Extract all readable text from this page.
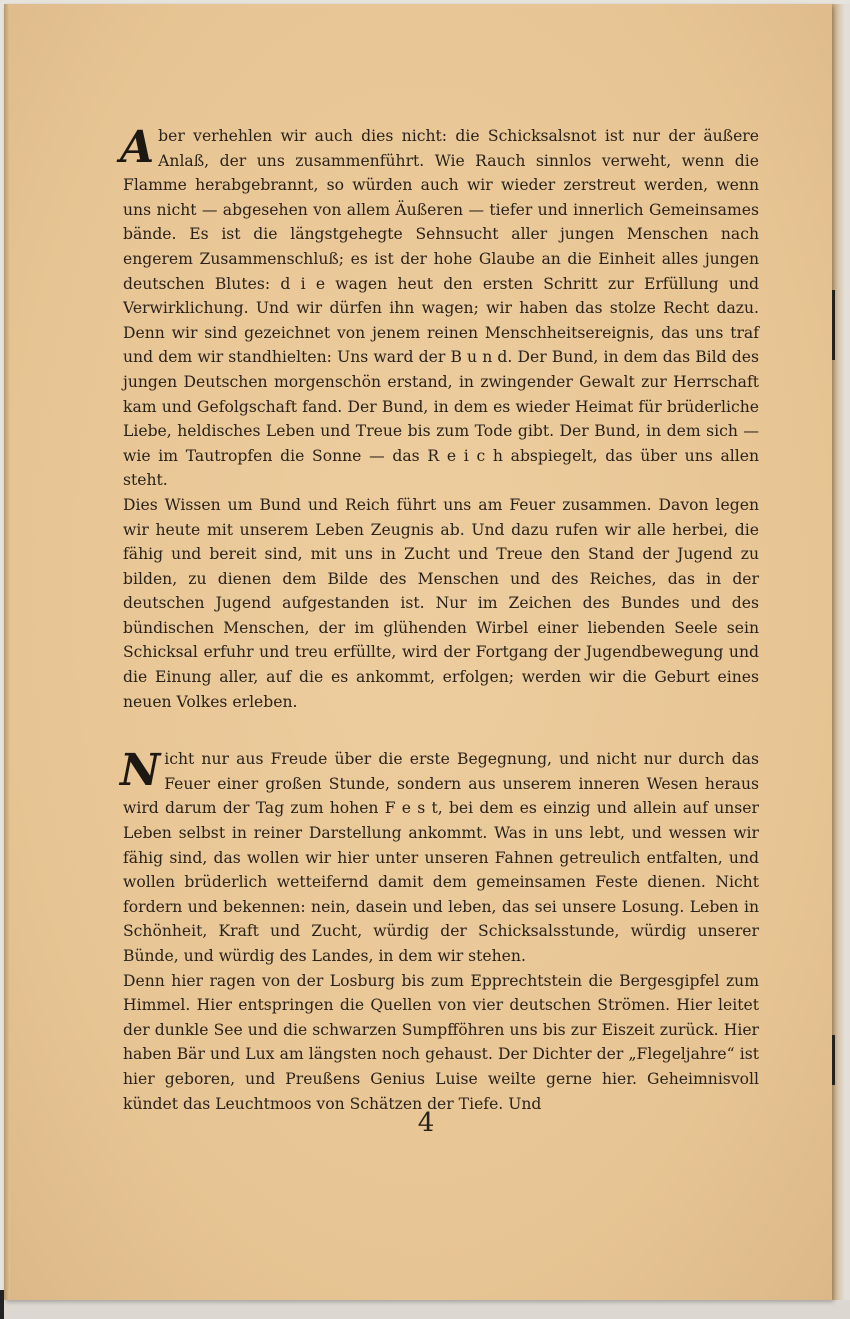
Aber verhehlen wir auch dies nicht: die Schicksalsnot ist nur der äußere Anlaß, der uns zusammenführt. Wie Rauch sinnlos verweht, wenn die Flamme herabgebrannt, so würden auch wir wieder zerstreut werden, wenn uns nicht — abgesehen von allem Äußeren — tiefer und innerlich Gemeinsames bände. Es ist die längstgehegte Sehnsucht aller jungen Menschen nach engerem Zusammenschluß; es ist der hohe Glaube an die Einheit alles jungen deutschen Blutes: d i e wagen heut den ersten Schritt zur Erfüllung und Verwirklichung. Und wir dürfen ihn wagen; wir haben das stolze Recht dazu. Denn wir sind gezeichnet von jenem reinen Menschheitsereignis, das uns traf und dem wir standhielten: Uns ward der B u n d. Der Bund, in dem das Bild des jungen Deutschen morgenschön erstand, in zwingender Gewalt zur Herrschaft kam und Gefolgschaft fand. Der Bund, in dem es wieder Heimat für brüderliche Liebe, heldisches Leben und Treue bis zum Tode gibt. Der Bund, in dem sich — wie im Tautropfen die Sonne — das R e i c h abspiegelt, das über uns allen steht.

Dies Wissen um Bund und Reich führt uns am Feuer zusammen. Davon legen wir heute mit unserem Leben Zeugnis ab. Und dazu rufen wir alle herbei, die fähig und bereit sind, mit uns in Zucht und Treue den Stand der Jugend zu bilden, zu dienen dem Bilde des Menschen und des Reiches, das in der deutschen Jugend aufgestanden ist. Nur im Zeichen des Bundes und des bündischen Menschen, der im glühenden Wirbel einer liebenden Seele sein Schicksal erfuhr und treu erfüllte, wird der Fortgang der Jugendbewegung und die Einung aller, auf die es ankommt, erfolgen; werden wir die Geburt eines neuen Volkes erleben.

Nicht nur aus Freude über die erste Begegnung, und nicht nur durch das Feuer einer großen Stunde, sondern aus unserem inneren Wesen heraus wird darum der Tag zum hohen F e s t, bei dem es einzig und allein auf unser Leben selbst in reiner Darstellung ankommt. Was in uns lebt, und wessen wir fähig sind, das wollen wir hier unter unseren Fahnen getreulich entfalten, und wollen brüderlich wetteifernd damit dem gemeinsamen Feste dienen. Nicht fordern und bekennen: nein, dasein und leben, das sei unsere Losung. Leben in Schönheit, Kraft und Zucht, würdig der Schicksalsstunde, würdig unserer Bünde, und würdig des Landes, in dem wir stehen.

Denn hier ragen von der Losburg bis zum Epprechtstein die Bergesgipfel zum Himmel. Hier entspringen die Quellen von vier deutschen Strömen. Hier leitet der dunkle See und die schwarzen Sumpfföhren uns bis zur Eiszeit zurück. Hier haben Bär und Lux am längsten noch gehaust. Der Dichter der „Flegeljahre“ ist hier geboren, und Preußens Genius Luise weilte gerne hier. Geheimnisvoll kündet das Leuchtmoos von Schätzen der Tiefe. Und

4
